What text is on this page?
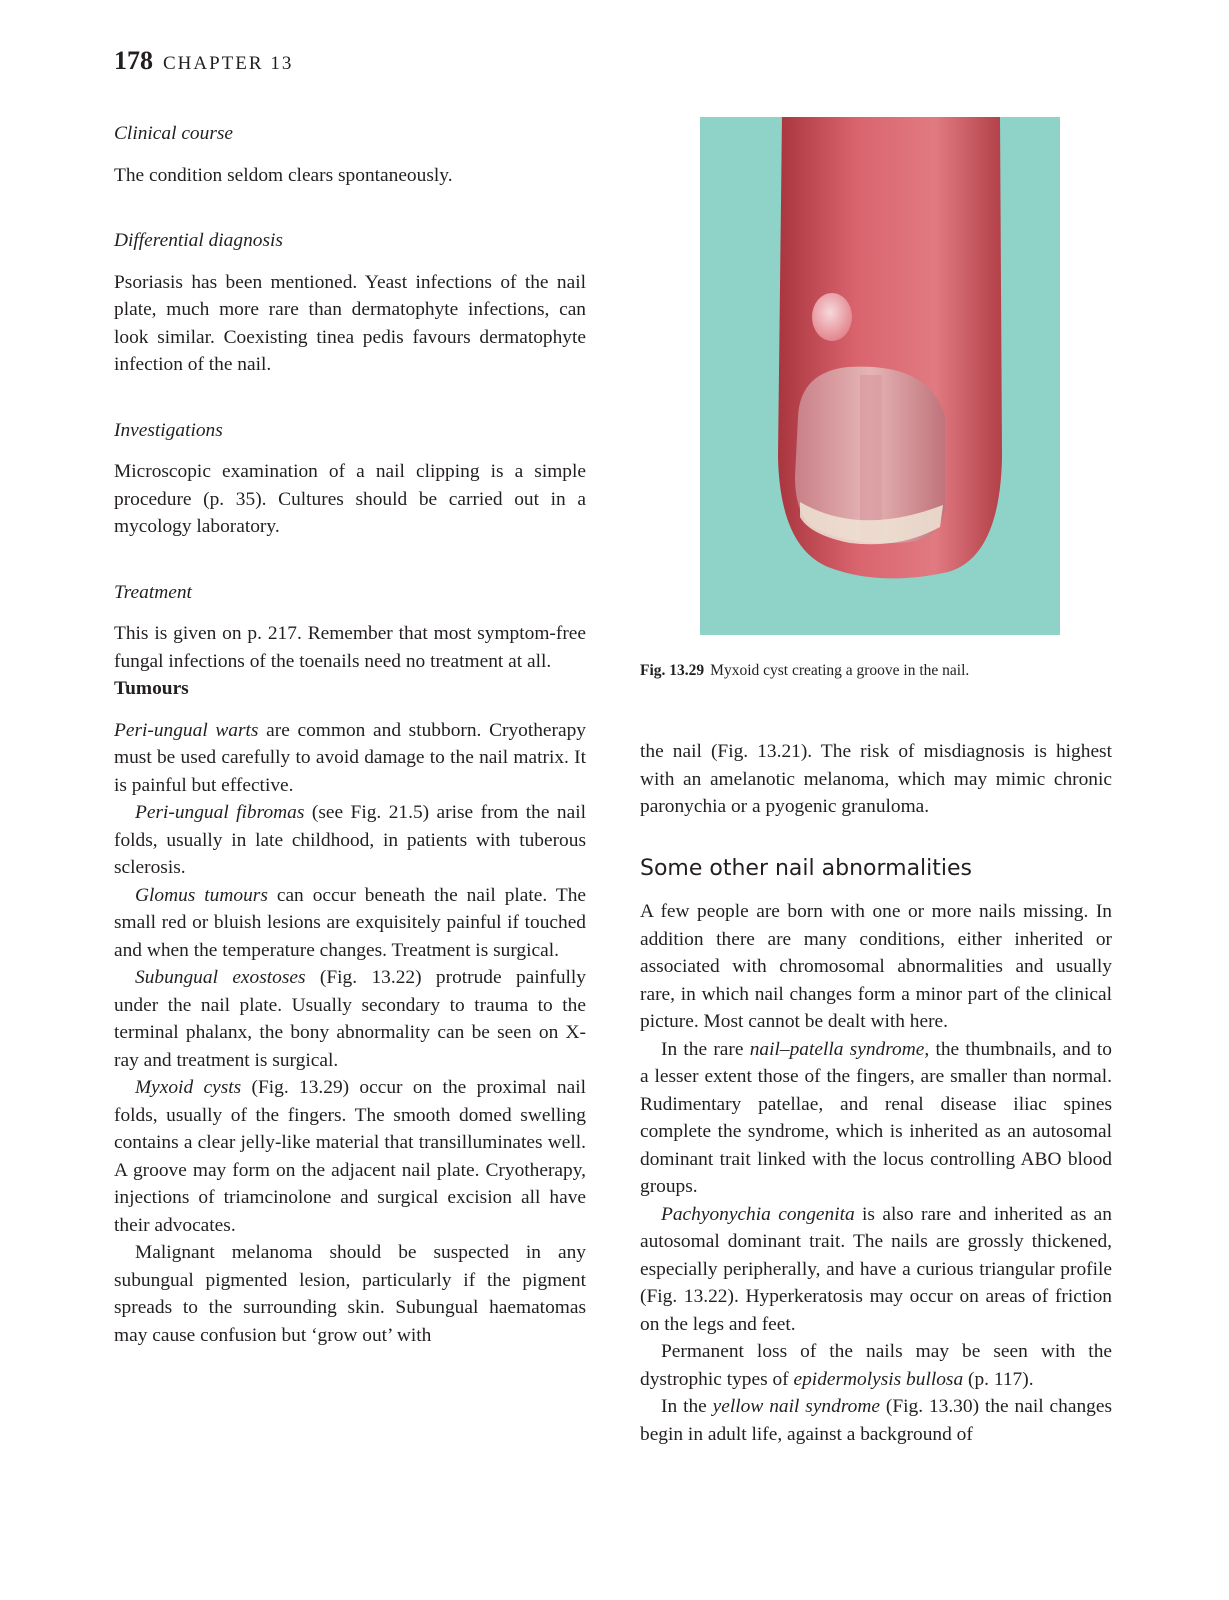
178 CHAPTER 13

Clinical course

The condition seldom clears spontaneously.

Differential diagnosis

Psoriasis has been mentioned. Yeast infections of the nail plate, much more rare than dermatophyte infections, can look similar. Coexisting tinea pedis favours dermatophyte infection of the nail.

Investigations

Microscopic examination of a nail clipping is a simple procedure (p. 35). Cultures should be carried out in a mycology laboratory.

Treatment

This is given on p. 217. Remember that most symptom-free fungal infections of the toenails need no treatment at all.

Tumours

Peri-ungual warts are common and stubborn. Cryotherapy must be used carefully to avoid damage to the nail matrix. It is painful but effective.

Peri-ungual fibromas (see Fig. 21.5) arise from the nail folds, usually in late childhood, in patients with tuberous sclerosis.

Glomus tumours can occur beneath the nail plate. The small red or bluish lesions are exquisitely painful if touched and when the temperature changes. Treatment is surgical.

Subungual exostoses (Fig. 13.22) protrude painfully under the nail plate. Usually secondary to trauma to the terminal phalanx, the bony abnormality can be seen on X-ray and treatment is surgical.

Myxoid cysts (Fig. 13.29) occur on the proximal nail folds, usually of the fingers. The smooth domed swelling contains a clear jelly-like material that transilluminates well. A groove may form on the adjacent nail plate. Cryotherapy, injections of triamcinolone and surgical excision all have their advocates.

Malignant melanoma should be suspected in any subungual pigmented lesion, particularly if the pigment spreads to the surrounding skin. Subungual haematomas may cause confusion but ‘grow out’ with

Fig. 13.29 Myxoid cyst creating a groove in the nail.

the nail (Fig. 13.21). The risk of misdiagnosis is highest with an amelanotic melanoma, which may mimic chronic paronychia or a pyogenic granuloma.

Some other nail abnormalities

A few people are born with one or more nails missing. In addition there are many conditions, either inherited or associated with chromosomal abnormalities and usually rare, in which nail changes form a minor part of the clinical picture. Most cannot be dealt with here.

In the rare nail–patella syndrome, the thumbnails, and to a lesser extent those of the fingers, are smaller than normal. Rudimentary patellae, and renal disease iliac spines complete the syndrome, which is inherited as an autosomal dominant trait linked with the locus controlling ABO blood groups.

Pachyonychia congenita is also rare and inherited as an autosomal dominant trait. The nails are grossly thickened, especially peripherally, and have a curious triangular profile (Fig. 13.22). Hyperkeratosis may occur on areas of friction on the legs and feet.

Permanent loss of the nails may be seen with the dystrophic types of epidermolysis bullosa (p. 117).

In the yellow nail syndrome (Fig. 13.30) the nail changes begin in adult life, against a background of
